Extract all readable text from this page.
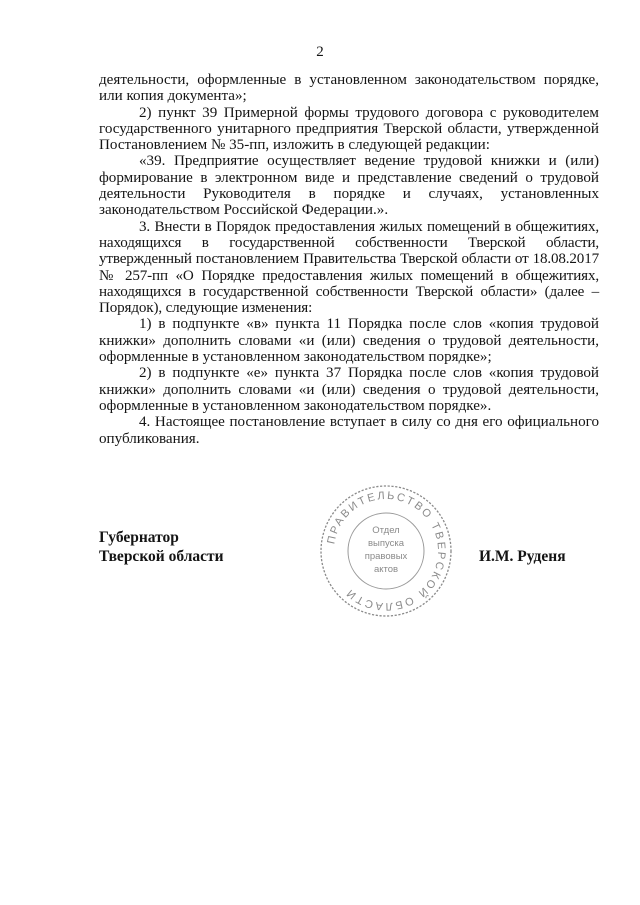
2

деятельности, оформленные в установленном законодательством порядке, или копия документа»;

2) пункт 39 Примерной формы трудового договора с руководителем государственного унитарного предприятия Тверской области, утвержденной Постановлением № 35-пп, изложить в следующей редакции:

«39. Предприятие осуществляет ведение трудовой книжки и (или) формирование в электронном виде и представление сведений о трудовой деятельности Руководителя в порядке и случаях, установленных законодательством Российской Федерации.».

3. Внести в Порядок предоставления жилых помещений в общежитиях, находящихся в государственной собственности Тверской области, утвержденный постановлением Правительства Тверской области от 18.08.2017 № 257-пп «О Порядке предоставления жилых помещений в общежитиях, находящихся в государственной собственности Тверской области» (далее – Порядок), следующие изменения:

1) в подпункте «в» пункта 11 Порядка после слов «копия трудовой книжки» дополнить словами «и (или) сведения о трудовой деятельности, оформленные в установленном законодательством порядке»;

2) в подпункте «е» пункта 37 Порядка после слов «копия трудовой книжки» дополнить словами «и (или) сведения о трудовой деятельности, оформленные в установленном законодательством порядке».

4. Настоящее постановление вступает в силу со дня его официального опубликования.

Губернатор
Тверской области
ПРАВИТЕЛЬСТВО ТВЕРСКОЙ ОБЛАСТИ
Отдел
выпуска
правовых
актов
И.М. Руденя
